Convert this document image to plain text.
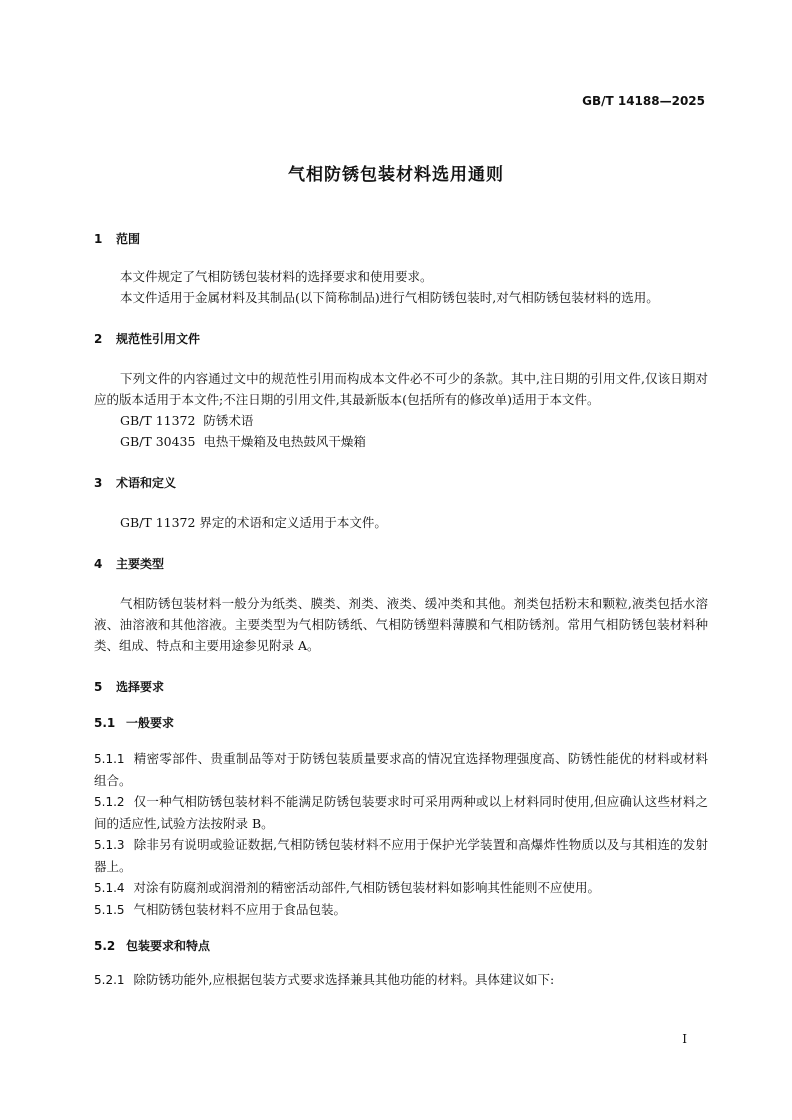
GB/T 14188—2025
气相防锈包装材料选用通则
1 范围

本文件规定了气相防锈包装材料的选择要求和使用要求。

本文件适用于金属材料及其制品(以下简称制品)进行气相防锈包装时,对气相防锈包装材料的选用。

2 规范性引用文件

下列文件的内容通过文中的规范性引用而构成本文件必不可少的条款。其中,注日期的引用文件,仅该日期对应的版本适用于本文件;不注日期的引用文件,其最新版本(包括所有的修改单)适用于本文件。

GB/T 11372 防锈术语
GB/T 30435 电热干燥箱及电热鼓风干燥箱
3 术语和定义

GB/T 11372 界定的术语和定义适用于本文件。

4 主要类型

气相防锈包装材料一般分为纸类、膜类、剂类、液类、缓冲类和其他。剂类包括粉末和颗粒,液类包括水溶液、油溶液和其他溶液。主要类型为气相防锈纸、气相防锈塑料薄膜和气相防锈剂。常用气相防锈包装材料种类、组成、特点和主要用途参见附录 A。

5 选择要求
5.1 一般要求

5.1.1 精密零部件、贵重制品等对于防锈包装质量要求高的情况宜选择物理强度高、防锈性能优的材料或材料组合。

5.1.2 仅一种气相防锈包装材料不能满足防锈包装要求时可采用两种或以上材料同时使用,但应确认这些材料之间的适应性,试验方法按附录 B。

5.1.3 除非另有说明或验证数据,气相防锈包装材料不应用于保护光学装置和高爆炸性物质以及与其相连的发射器上。

5.1.4 对涂有防腐剂或润滑剂的精密活动部件,气相防锈包装材料如影响其性能则不应使用。

5.1.5 气相防锈包装材料不应用于食品包装。

5.2 包装要求和特点

5.2.1 除防锈功能外,应根据包装方式要求选择兼具其他功能的材料。具体建议如下:

I
